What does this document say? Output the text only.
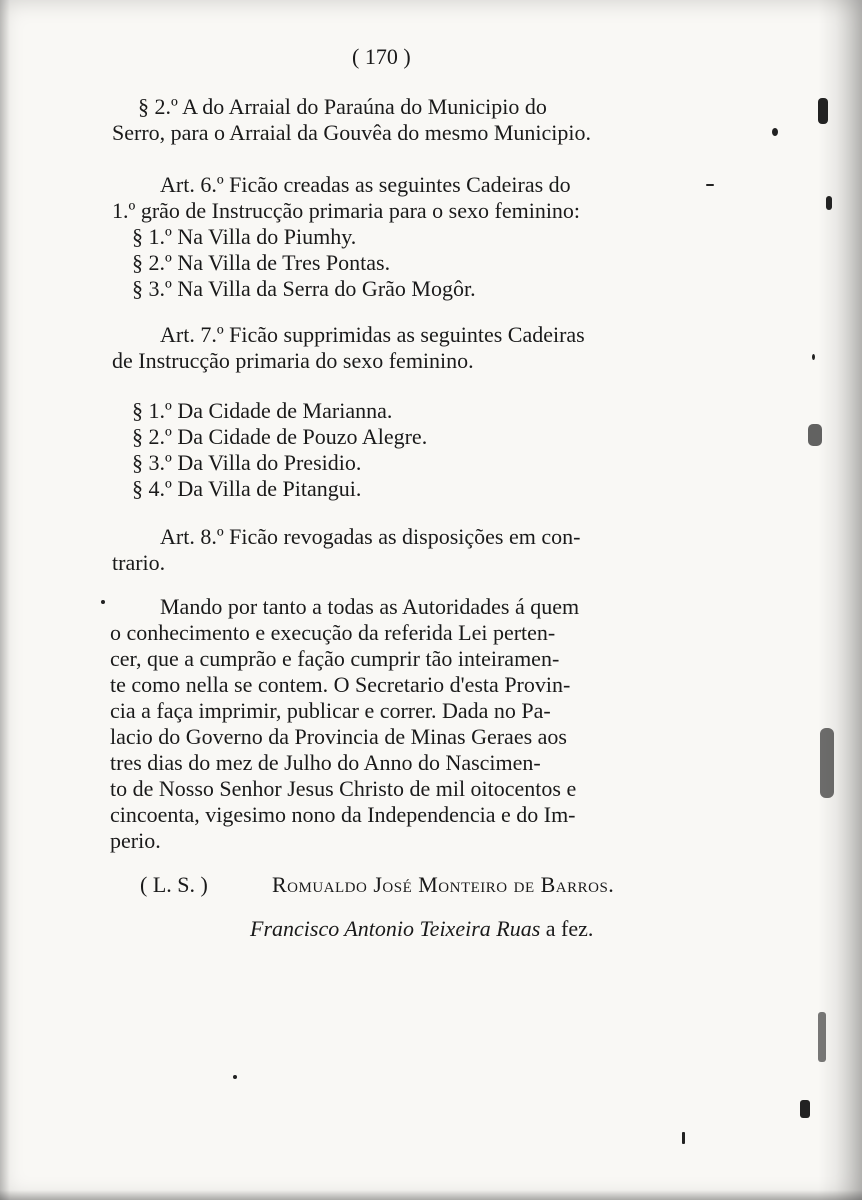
( 170 )
§ 2.º A do Arraial do Paraúna do Municipio do
Serro, para o Arraial da Gouvêa do mesmo Municipio.
Art. 6.º Ficão creadas as seguintes Cadeiras do
1.º grão de Instrucção primaria para o sexo feminino:
§ 1.º Na Villa do Piumhy.
§ 2.º Na Villa de Tres Pontas.
§ 3.º Na Villa da Serra do Grão Mogôr.
Art. 7.º Ficão supprimidas as seguintes Cadeiras
de Instrucção primaria do sexo feminino.
§ 1.º Da Cidade de Marianna.
§ 2.º Da Cidade de Pouzo Alegre.
§ 3.º Da Villa do Presidio.
§ 4.º Da Villa de Pitangui.
Art. 8.º Ficão revogadas as disposições em con-
trario.
Mando por tanto a todas as Autoridades á quem
o conhecimento e execução da referida Lei perten-
cer, que a cumprão e fação cumprir tão inteiramen-
te como nella se contem. O Secretario d'esta Provin-
cia a faça imprimir, publicar e correr. Dada no Pa-
lacio do Governo da Provincia de Minas Geraes aos
tres dias do mez de Julho do Anno do Nascimen-
to de Nosso Senhor Jesus Christo de mil oitocentos e
cincoenta, vigesimo nono da Independencia e do Im-
perio.
( L. S. )	Romualdo José Monteiro de Barros.
Francisco Antonio Teixeira Ruas a fez.
